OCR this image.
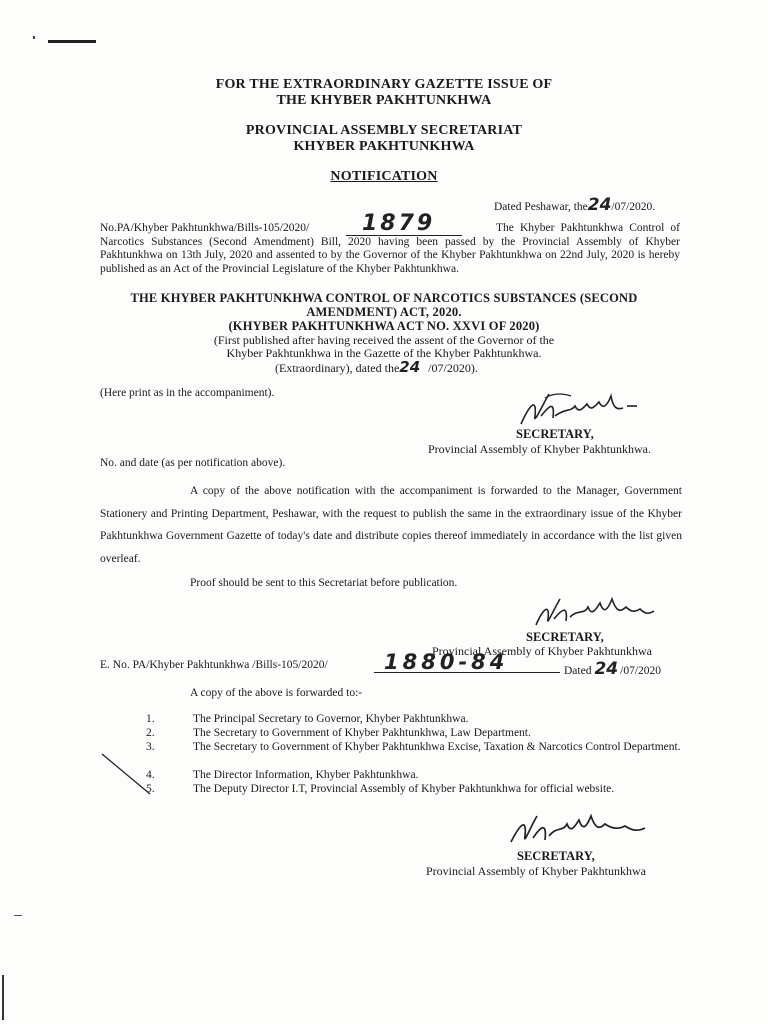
FOR THE EXTRAORDINARY GAZETTE ISSUE OF
THE KHYBER PAKHTUNKHWA
PROVINCIAL ASSEMBLY SECRETARIAT
KHYBER PAKHTUNKHWA
NOTIFICATION
Dated Peshawar, the24/07/2020.
No.PA/Khyber Pakhtunkhwa/Bills-105/2020/ 1879	The Khyber Pakhtunkhwa Control of Narcotics Substances (Second Amendment) Bill, 2020 having been passed by the Provincial Assembly of Khyber Pakhtunkhwa on 13th July, 2020 and assented to by the Governor of the Khyber Pakhtunkhwa on 22nd July, 2020 is hereby published as an Act of the Provincial Legislature of the Khyber Pakhtunkhwa.
THE KHYBER PAKHTUNKHWA CONTROL OF NARCOTICS SUBSTANCES (SECOND
AMENDMENT) ACT, 2020.
(KHYBER PAKHTUNKHWA ACT NO. XXVI OF 2020)
(First published after having received the assent of the Governor of the
Khyber Pakhtunkhwa in the Gazette of the Khyber Pakhtunkhwa.
(Extraordinary), dated the24 /07/2020).
(Here print as in the accompaniment).
SECRETARY,
Provincial Assembly of Khyber Pakhtunkhwa.
No. and date (as per notification above).
A copy of the above notification with the accompaniment is forwarded to the Manager, Government Stationery and Printing Department, Peshawar, with the request to publish the same in the extraordinary issue of the Khyber Pakhtunkhwa Government Gazette of today's date and distribute copies thereof immediately in accordance with the list given overleaf.
Proof should be sent to this Secretariat before publication.
SECRETARY,
Provincial Assembly of Khyber Pakhtunkhwa
E. No. PA/Khyber Pakhtunkhwa /Bills-105/2020/	1880-84	Dated 24 /07/2020
A copy of the above is forwarded to:-
1.	The Principal Secretary to Governor, Khyber Pakhtunkhwa.
2.	The Secretary to Government of Khyber Pakhtunkhwa, Law Department.
3.	The Secretary to Government of Khyber Pakhtunkhwa Excise, Taxation & Narcotics Control Department.
4.	The Director Information, Khyber Pakhtunkhwa.
5.	The Deputy Director I.T, Provincial Assembly of Khyber Pakhtunkhwa for official website.
SECRETARY,
Provincial Assembly of Khyber Pakhtunkhwa
